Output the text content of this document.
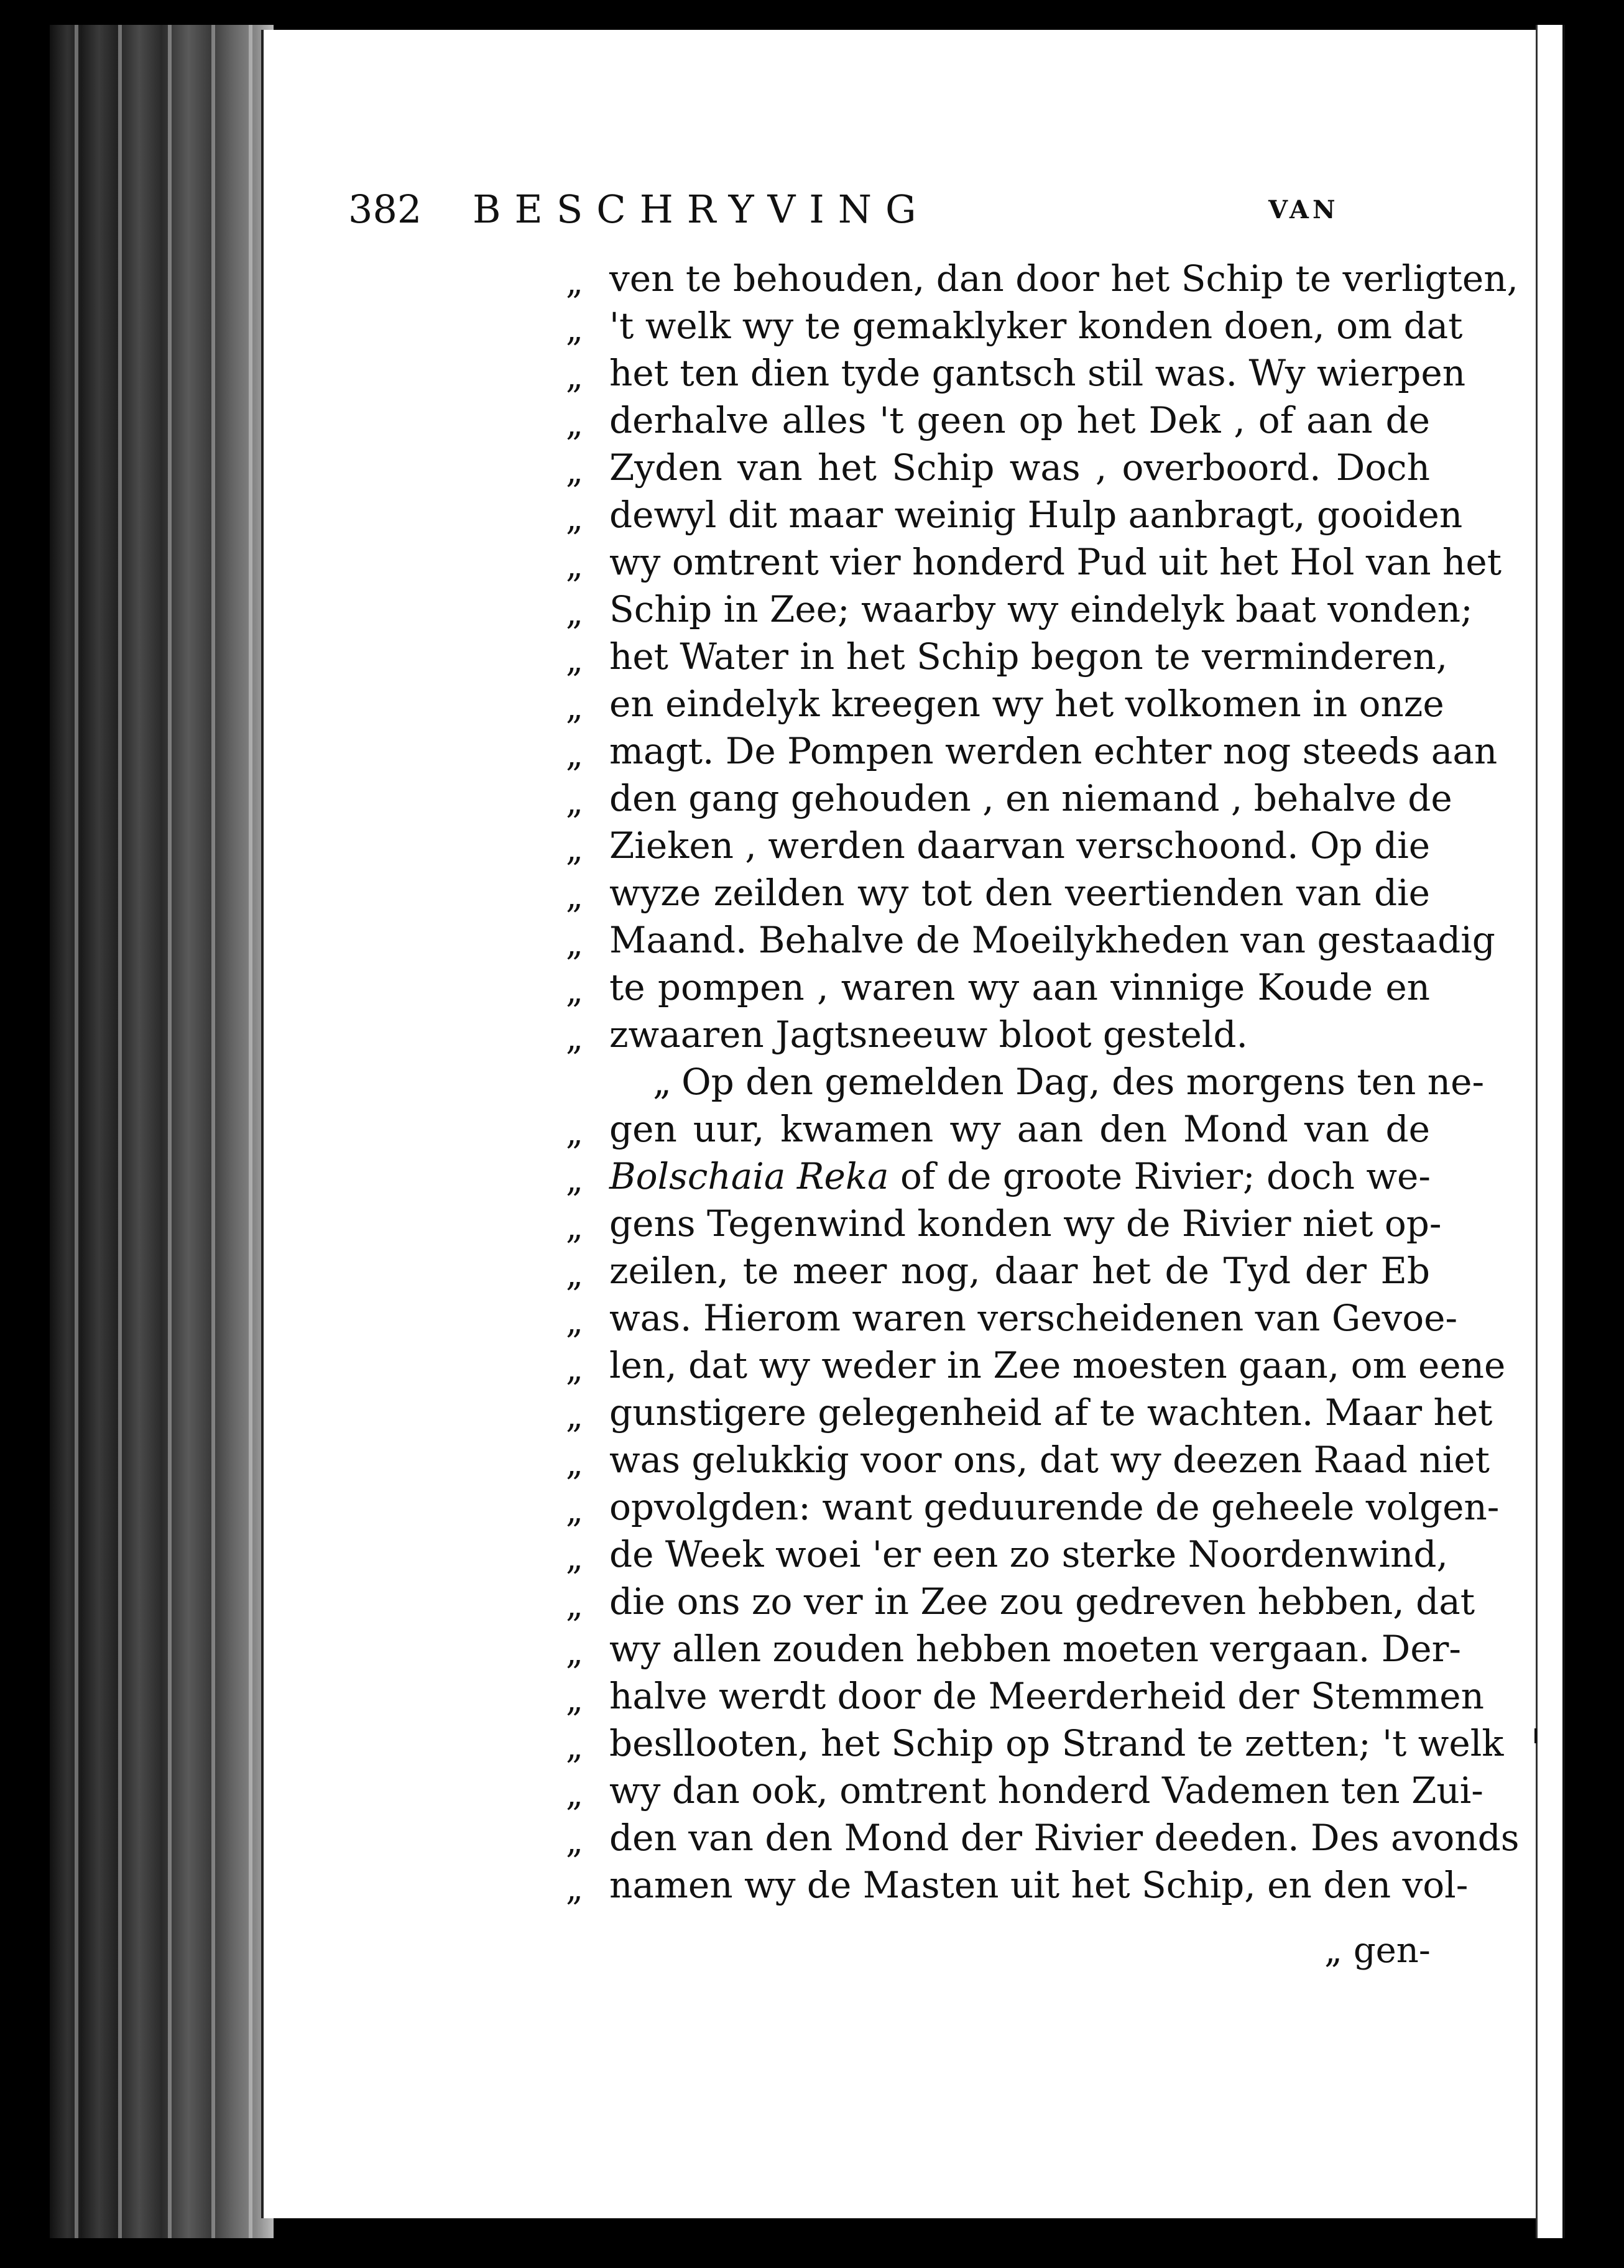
382 BESCHRYVING	VAN
„ ven te behouden, dan door het Schip te verligten,
„ 't welk wy te gemaklyker konden doen, om dat
„ het ten dien tyde gantsch stil was. Wy wierpen
„ derhalve alles 't geen op het Dek , of aan de
„ Zyden van het Schip was , overboord. Doch
„ dewyl dit maar weinig Hulp aanbragt, gooiden
„ wy omtrent vier honderd Pud uit het Hol van het
„ Schip in Zee; waarby wy eindelyk baat vonden;
„ het Water in het Schip begon te verminderen,
„ en eindelyk kreegen wy het volkomen in onze
„ magt. De Pompen werden echter nog steeds aan
„ den gang gehouden , en niemand , behalve de
„ Zieken , werden daarvan verschoond. Op die
„ wyze zeilden wy tot den veertienden van die
„ Maand. Behalve de Moeilykheden van gestaadig
„ te pompen , waren wy aan vinnige Koude en
„ zwaaren Jagtsneeuw bloot gesteld.
„ Op den gemelden Dag, des morgens ten ne-
„ gen uur, kwamen wy aan den Mond van de
„ Bolschaia Reka of de groote Rivier; doch we-
„ gens Tegenwind konden wy de Rivier niet op-
„ zeilen, te meer nog, daar het de Tyd der Eb
„ was. Hierom waren verscheidenen van Gevoe-
„ len, dat wy weder in Zee moesten gaan, om eene
„ gunstigere gelegenheid af te wachten. Maar het
„ was gelukkig voor ons, dat wy deezen Raad niet
„ opvolgden: want geduurende de geheele volgen-
„ de Week woei 'er een zo sterke Noordenwind,
„ die ons zo ver in Zee zou gedreven hebben, dat
„ wy allen zouden hebben moeten vergaan. Der-
„ halve werdt door de Meerderheid der Stemmen
„ besllooten, het Schip op Strand te zetten; 't welk
„ wy dan ook, omtrent honderd Vademen ten Zui-
„ den van den Mond der Rivier deeden. Des avonds
„ namen wy de Masten uit het Schip, en den vol-
„ gen-
